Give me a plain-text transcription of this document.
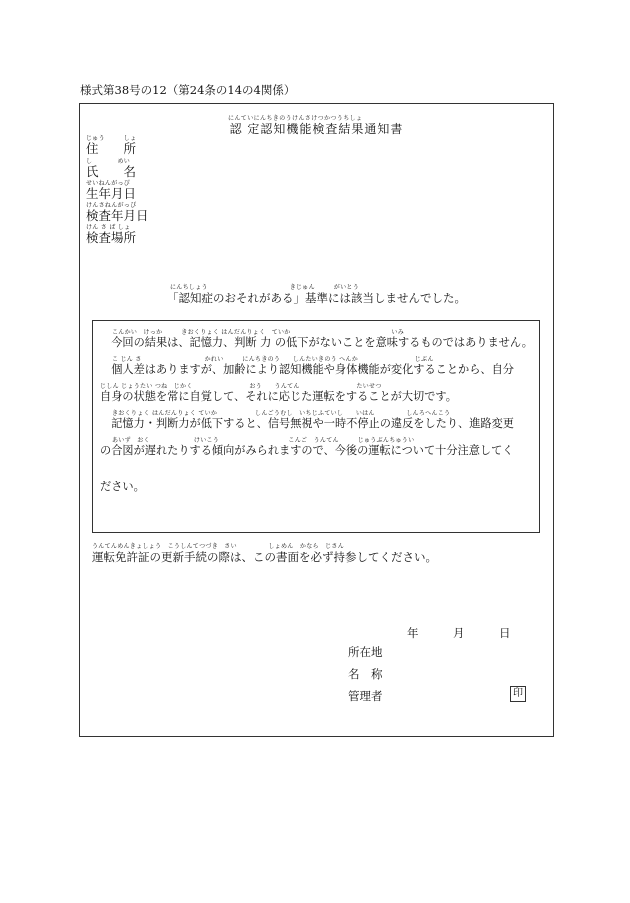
様式第38号の12（第24条の14の4関係）
にんていにんちきのうけんさけつかつうちしょ
認 定認知機能検査結果通知書
じゅう　　　しょ
住　　所
し　　　　めい
氏　　名
せいねんがっぴ
生年月日
けんさねんがっぴ
検査年月日
けん さ ば しょ
検査場所
にんちしょう　　　　　　　　　　　　　きじゅん　　　がいとう
「認知症のおそれがある」基準には該当しませんでした。
こんかい　けっか　　　きおくりょく はんだんりょく　ていか　　　　　　　　　　　　　　　　いみ
　今回の結果は、記憶力、判断 力 の低下がないことを意味するものではありません。
こ じん さ　　　　　　　　　　かれい　　　にんちきのう　　しんたいきのう へんか　　　　　　　　　じぶん
　個人差はありますが、加齢により認知機能や身体機能が変化することから、自分
じしん じょうたい つね　じかく　　　　　　　　　おう　　うんてん　　　　　　　　　たいせつ
自身の状態を常に自覚して、それに応じた運転をすることが大切です。
きおくりょく はんだんりょく ていか　　　　　　しんごうむし　いちじふていし　　いはん　　　　　しんろへんこう
　記憶力・判断力が低下すると、信号無視や一時不停止の違反をしたり、進路変更
あいず　おく　　　　　　　けいこう　　　　　　　　　　　こんご　うんてん　　　じゅうぶんちゅうい
の合図が遅れたりする傾向がみられますので、今後の運転について十分注意してく
ださい。
うんてんめんきょしょう　こうしんてつづき　さい　　　　　しょめん　かなら　じさん
運転免許証の更新手続の際は、この書面を必ず持参してください。
年	月	日
所在地
名　称
管理者	印
